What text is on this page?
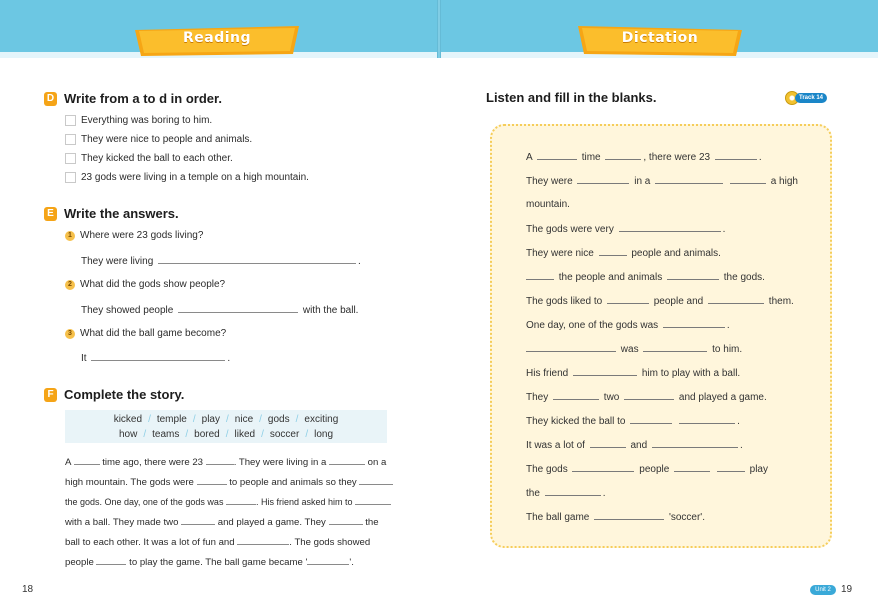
Reading	Dictation
D Write from a to d in order.
Everything was boring to him.
They were nice to people and animals.
They kicked the ball to each other.
23 gods were living in a temple on a high mountain.
E Write the answers.
1 Where were 23 gods living?
They were living	.
2 What did the gods show people?
They showed people	with the ball.
3 What did the ball game become?
It	.
F Complete the story.
kicked / temple / play / nice / gods / exciting
how / teams / bored / liked / soccer / long
A	time ago, there were 23	. They were living in a	on a
high mountain. The gods were	to people and animals so they
the gods. One day, one of the gods was	. His friend asked him to
with a ball. They made two	and played a game. They	the
ball to each other. It was a lot of fun and	. The gods showed
people	to play the game. The ball game became '	'.
18	Unit 2	19
Listen and fill in the blanks.	Track 14
A	time	, there were 23	.
They were	in a	a high
mountain.
The gods were very	.
They were nice	people and animals.
the people and animals	the gods.
The gods liked to	people and	them.
One day, one of the gods was	.
was	to him.
His friend	him to play with a ball.
They	two	and played a game.
They kicked the ball to	.
It was a lot of	and	.
The gods	people	play
the	.
The ball game	'soccer'.
